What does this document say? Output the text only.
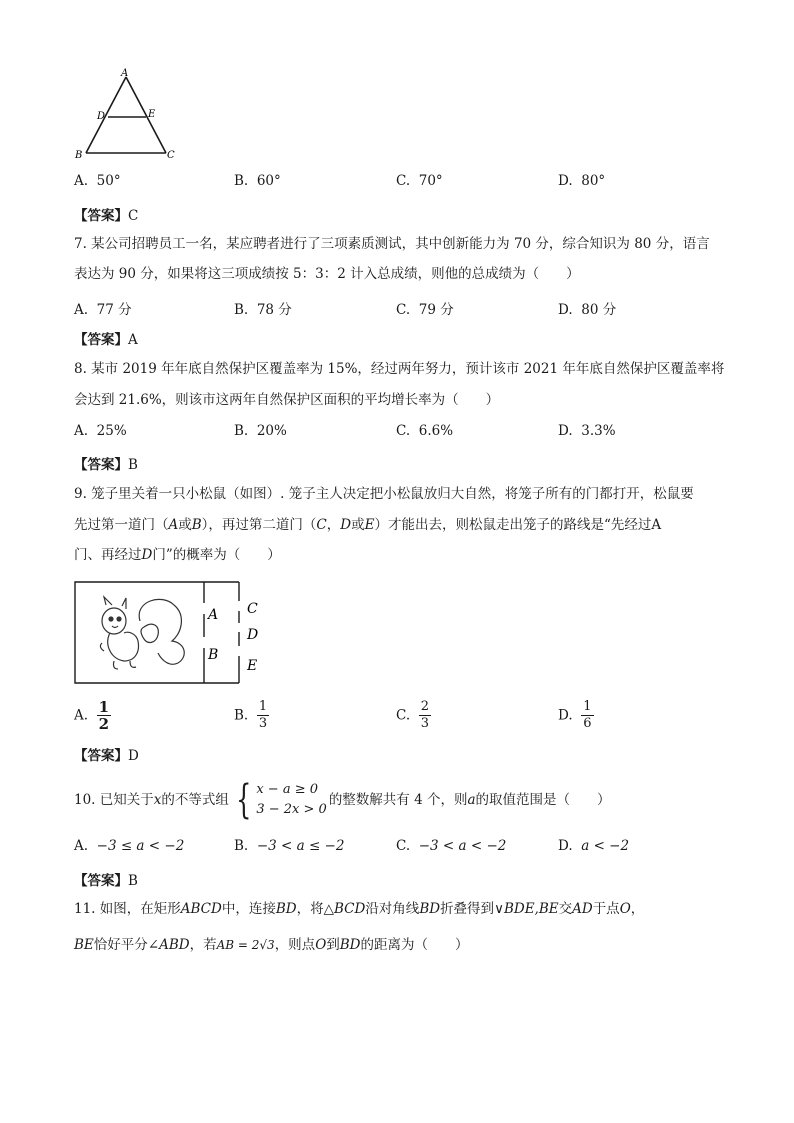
A
D	E
B	C
A. 50°	B. 60°	C. 70°	D. 80°
【答案】C
7. 某公司招聘员工一名，某应聘者进行了三项素质测试，其中创新能力为 70 分，综合知识为 80 分，语言
表达为 90 分，如果将这三项成绩按 5：3：2 计入总成绩，则他的总成绩为（　　）
A. 77 分	B. 78 分	C. 79 分	D. 80 分
【答案】A
8. 某市 2019 年年底自然保护区覆盖率为 15%，经过两年努力，预计该市 2021 年年底自然保护区覆盖率将
会达到 21.6%，则该市这两年自然保护区面积的平均增长率为（　　）
A. 25%	B. 20%	C. 6.6%	D. 3.3%
【答案】B
9. 笼子里关着一只小松鼠（如图）. 笼子主人决定把小松鼠放归大自然，将笼子所有的门都打开，松鼠要
先过第一道门（A或B），再过第二道门（C，D或E）才能出去，则松鼠走出笼子的路线是“先经过A
门、再经过D门”的概率为（　　）
A
B
C
D
E
A. $\frac{1}{2}$	B. $\frac{1}{3}$	C. $\frac{2}{3}$	D. $\frac{1}{6}$
【答案】D
10. 已知关于 x 的不等式组 { x − a ≥ 0
3 − 2x > 0
的整数解共有 4 个，则 a 的取值范围是（　　）
A. −3 ≤ a < −2	B. −3 < a ≤ −2	C. −3 < a < −2	D. a < −2
【答案】B
11. 如图，在矩形ABCD中，连接BD，将△BCD沿对角线BD折叠得到∨BDE,BE交AD于点O，
BE恰好平分∠ABD，若AB = 2√3，则点O到BD的距离为（　　）
